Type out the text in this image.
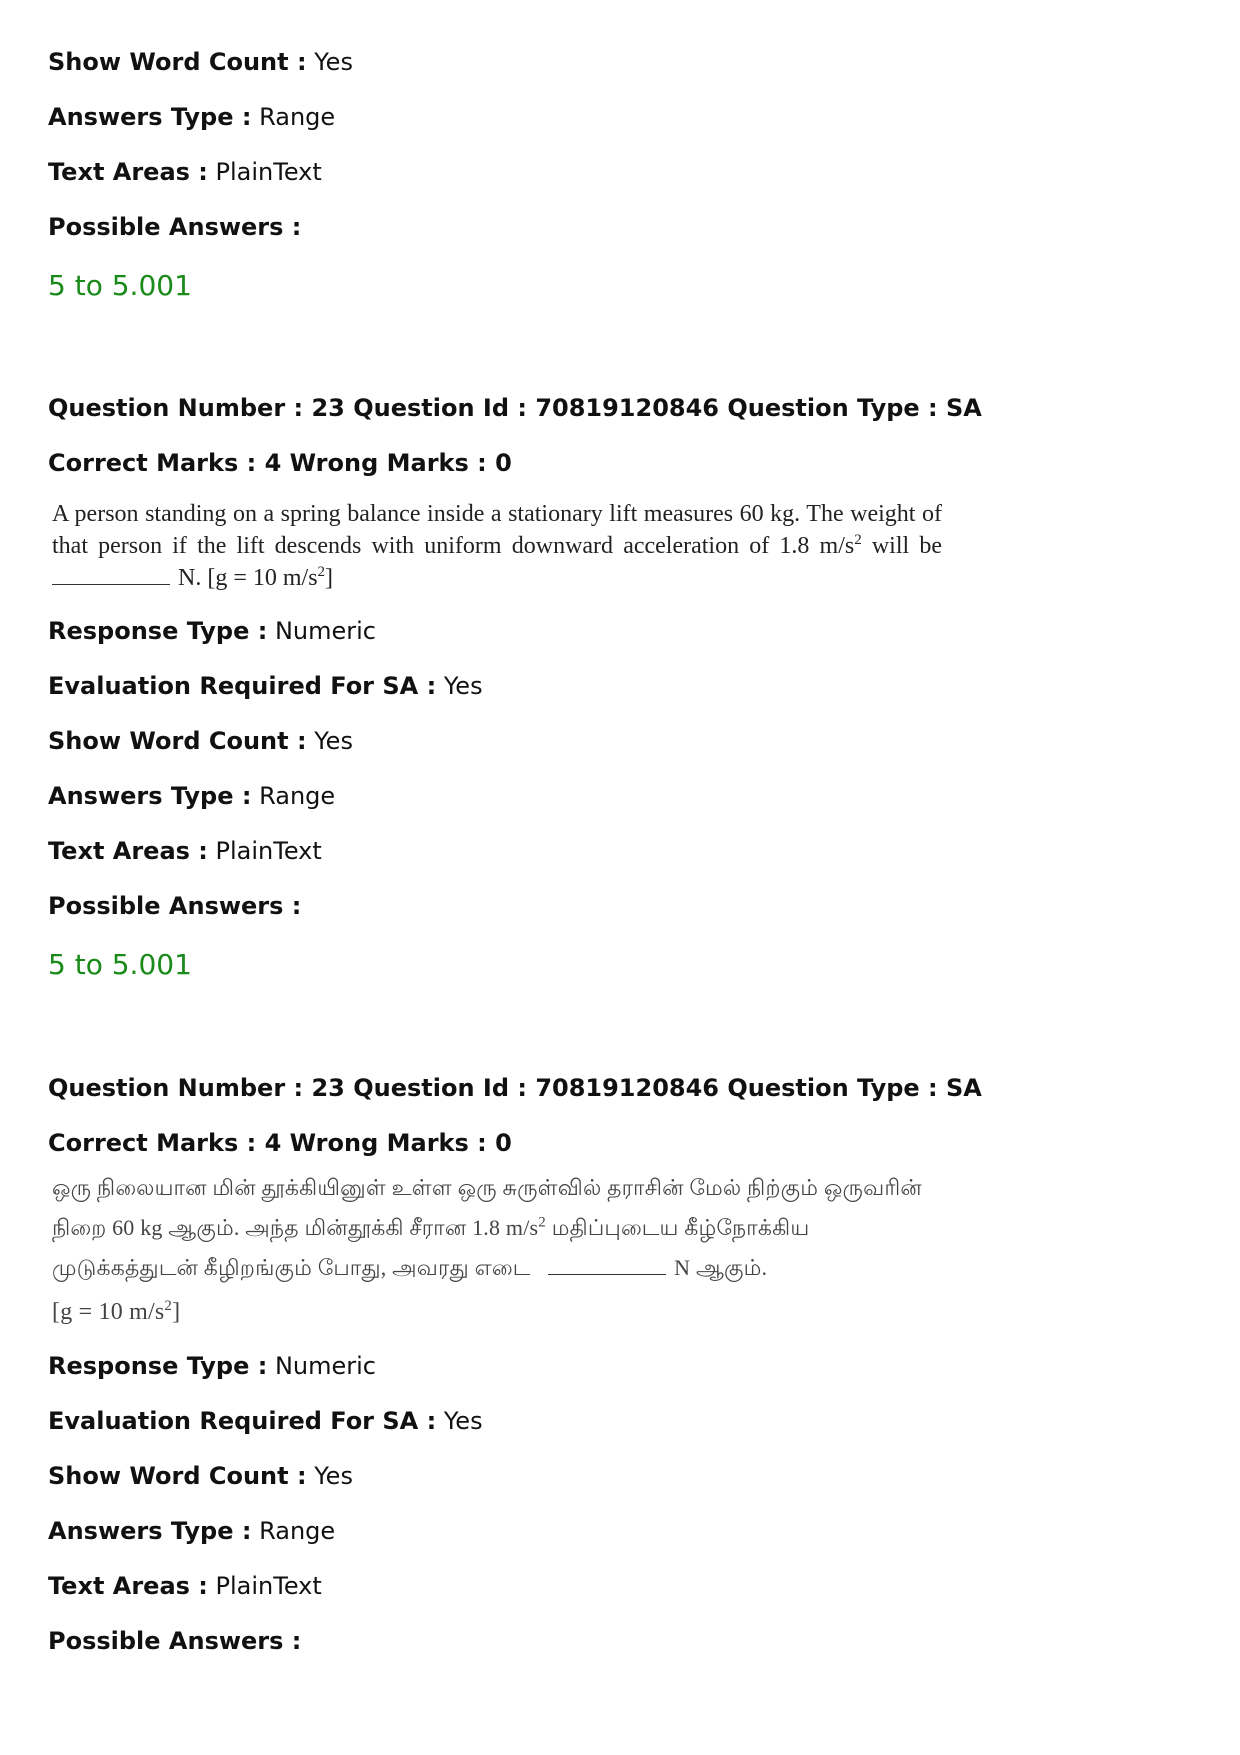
Show Word Count : Yes
Answers Type : Range
Text Areas : PlainText
Possible Answers :
5 to 5.001
Question Number : 23 Question Id : 70819120846 Question Type : SA
Correct Marks : 4 Wrong Marks : 0
A person standing on a spring balance inside a stationary lift measures 60 kg. The weight of
that person if the lift descends with uniform downward acceleration of 1.8 $m/s^2$ will be
N. [g = 10 $m/s^2$]
Response Type : Numeric
Evaluation Required For SA : Yes
Show Word Count : Yes
Answers Type : Range
Text Areas : PlainText
Possible Answers :
5 to 5.001
Question Number : 23 Question Id : 70819120846 Question Type : SA
Correct Marks : 4 Wrong Marks : 0
ஒரு நிலையான மின் தூக்கியினுள் உள்ள ஒரு சுருள்வில் தராசின் மேல் நிற்கும் ஒருவரின்
நிறை 60 kg ஆகும். அந்த மின்தூக்கி சீரான 1.8 $m/s^2$ மதிப்புடைய கீழ்நோக்கிய
முடுக்கத்துடன் கீழிறங்கும் போது, அவரது எடை	N ஆகும்.
[g = 10 $m/s^2$]
Response Type : Numeric
Evaluation Required For SA : Yes
Show Word Count : Yes
Answers Type : Range
Text Areas : PlainText
Possible Answers :
